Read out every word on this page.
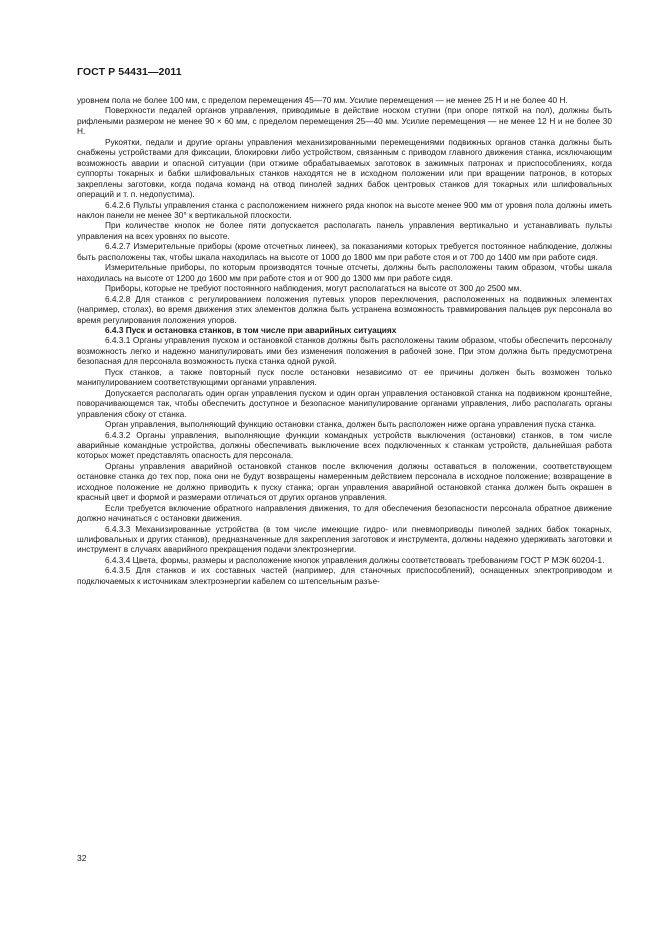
ГОСТ Р 54431—2011

уровнем пола не более 100 мм, с пределом перемещения 45—70 мм. Усилие перемещения — не менее 25 Н и не более 40 Н.

Поверхности педалей органов управления, приводимые в действие носком ступни (при опоре пяткой на пол), должны быть рифлеными размером не менее 90 × 60 мм, с пределом перемещения 25—40 мм. Усилие перемещения — не менее 12 Н и не более 30 Н.

Рукоятки, педали и другие органы управления механизированными перемещениями подвижных органов станка должны быть снабжены устройствами для фиксации, блокировки либо устройством, связанным с приводом главного движения станка, исключающим возможность аварии и опасной ситуации (при отжиме обрабатываемых заготовок в зажимных патронах и приспособлениях, когда суппорты токарных и бабки шлифовальных станков находятся не в исходном положении или при вращении патронов, в которых закреплены заготовки, когда подача команд на отвод пинолей задних бабок центровых станков для токарных или шлифовальных операций и т. п. недопустима).

6.4.2.6 Пульты управления станка с расположением нижнего ряда кнопок на высоте менее 900 мм от уровня пола должны иметь наклон панели не менее 30° к вертикальной плоскости.

При количестве кнопок не более пяти допускается располагать панель управления вертикально и устанавливать пульты управления на всех уровнях по высоте.

6.4.2.7 Измерительные приборы (кроме отсчетных линеек), за показаниями которых требуется постоянное наблюдение, должны быть расположены так, чтобы шкала находилась на высоте от 1000 до 1800 мм при работе стоя и от 700 до 1400 мм при работе сидя.

Измерительные приборы, по которым производятся точные отсчеты, должны быть расположены таким образом, чтобы шкала находилась на высоте от 1200 до 1600 мм при работе стоя и от 900 до 1300 мм при работе сидя.

Приборы, которые не требуют постоянного наблюдения, могут располагаться на высоте от 300 до 2500 мм.

6.4.2.8 Для станков с регулированием положения путевых упоров переключения, расположенных на подвижных элементах (например, столах), во время движения этих элементов должна быть устранена возможность травмирования пальцев рук персонала во время регулирования положения упоров.

6.4.3 Пуск и остановка станков, в том числе при аварийных ситуациях

6.4.3.1 Органы управления пуском и остановкой станков должны быть расположены таким образом, чтобы обеспечить персоналу возможность легко и надежно манипулировать ими без изменения положения в рабочей зоне. При этом должна быть предусмотрена безопасная для персонала возможность пуска станка одной рукой.

Пуск станков, а также повторный пуск после остановки независимо от ее причины должен быть возможен только манипулированием соответствующими органами управления.

Допускается располагать один орган управления пуском и один орган управления остановкой станка на подвижном кронштейне, поворачивающемся так, чтобы обеспечить доступное и безопасное манипулирование органами управления, либо располагать органы управления сбоку от станка.

Орган управления, выполняющий функцию остановки станка, должен быть расположен ниже органа управления пуска станка.

6.4.3.2 Органы управления, выполняющие функции командных устройств выключения (остановки) станков, в том числе аварийные командные устройства, должны обеспечивать выключение всех подключенных к станкам устройств, дальнейшая работа которых может представлять опасность для персонала.

Органы управления аварийной остановкой станков после включения должны оставаться в положении, соответствующем остановке станка до тех пор, пока они не будут возвращены намеренным действием персонала в исходное положение; возвращение в исходное положение не должно приводить к пуску станка; орган управления аварийной остановкой станка должен быть окрашен в красный цвет и формой и размерами отличаться от других органов управления.

Если требуется включение обратного направления движения, то для обеспечения безопасности персонала обратное движение должно начинаться с остановки движения.

6.4.3.3 Механизированные устройства (в том числе имеющие гидро- или пневмоприводы пинолей задних бабок токарных, шлифовальных и других станков), предназначенные для закрепления заготовок и инструмента, должны надежно удерживать заготовки и инструмент в случаях аварийного прекращения подачи электроэнергии.

6.4.3.4 Цвета, формы, размеры и расположение кнопок управления должны соответствовать требованиям ГОСТ Р МЭК 60204-1.

6.4.3.5 Для станков и их составных частей (например, для станочных приспособлений), оснащенных электроприводом и подключаемых к источникам электроэнергии кабелем со штепсельным разъе-

32
